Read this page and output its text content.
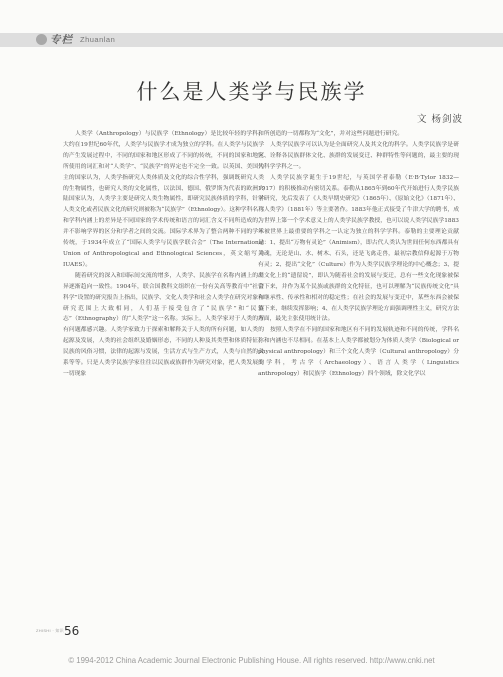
专栏 Zhuanlan
什么是人类学与民族学
文 杨剑波

人类学（Anthropology）与民族学（Ethnology）是比较年轻的学科，大约在19世纪60年代，人类学与民族学才成为独立的学科。在人类学与民族学的产生发展过程中，不同的国家和地区形成了不同的传统，不同的国家和地区所使用的词汇和对“人类学”、“民族学”的界定也不完全一致。以英国、美国为主的国家认为，人类学指研究人类体质及文化的综合性学科，强调既研究人类的生物属性，也研究人类的文化属性，以法国、德国、俄罗斯为代表的欧洲大陆国家认为，人类学主要是研究人类生物属性，即研究民族体质的学科，针对人类文化或者民族文化的研究则被称为“民族学”（Ethnology）。这种学科名称和学科内涵上的差异是不同国家的学术传统和语言的词汇含义不同所造成的，并不影响学界的区分和学者之间的交流。国际学术界为了整合两种不同的学术传统，于1934年成立了“国际人类学与民族学联合会”（The International Union of Anthropological and Ethnological Sciences，英文缩写为IUAES）。

随着研究的深入和国际间交流的增多，人类学、民族学在名称内涵上的差异逐渐趋向一致性。1904年，联合国教科文组织在一份有关高等教育中“社会科学”设置的研究报告上指出，民族学、文化人类学和社会人类学在研究对象和研究范围上大致相同，人们基于接受包含了“民族学”和“民族志”（Ethnography）的“人类学”这一名称。实际上，人类学家对于人类的所有问题都感兴趣。人类学家致力于探索和解释关于人类的所有问题，如人类的起源及发展，人类的社会组织及婚姻形态，不同的人种及其类型和体质特征，民族的风俗习惯，法律的起源与发展，生活方式与生产方式，人类与自然的关系等等。只是人类学民族学家往往以民族或族群作为研究对象，把人类发展的一切现象

和所创造的一切都称为“文化”，并对这些问题进行研究。

人类学民族学可以认为是全面研究人及其文化的科学。人类学民族学是研究、诠释各民族群体文化、族群的发展变迁、种群特性等问题的，最主要的现代科学学科之一。

人类学民族学诞生于19世纪，与英国学者泰勒（E·B·Tylor 1832—1917）的积极推动有密切关系。泰勒从1865年到60年代开始进行人类学民族学研究，先后发表了《人类早期史研究》（1865年）、《原始文化》（1871年）、《人类学》（1881年）等主要著作。1883年他正式接受了牛津大学的聘书，成为世界上第一个学术意义上的人类学民族学教授，也可以说人类学民族学1883年被世界上最重要的学科之一认定为独立的科学学科。泰勒的主要理论贡献是：1、提出“万物有灵论”（Animism），即古代人类认为世间任何东西都具有灵魂，无论是山、水、树木、石头，还是飞禽走兽，最初宗教信仰起源于万物有灵；2、提出“文化”（Culture）作为人类学民族学理论的中心概念；3、提出文化上的“遗留说”，即认为随着社会的发展与变迁，总有一些文化现象被保留下来，并作为某个民族或族群的文化特征，也可以理解为“民族传统文化”具有继承性、传承性和相对的稳定性；在社会的发展与变迁中，某些东西会被保留下来，继续发挥影响；4、在人类学民族学理论方面强调理性主义，研究方法方面，最先主张使用统计法。

按照人类学在不同的国家和地区有不同的发展轨迹和不同的传统，学科名称和内涵也不尽相同。在基本上人类学都被划分为体质人类学（Biological or physical anthropology）和三个文化人类学（Cultural anthropology）分支学科，考古学（Archaeology）、语言人类学（Linguistics anthropology）和民族学（Ethnology）四个领域，除文化学以

ZHISHI · 知识 56
© 1994-2012 China Academic Journal Electronic Publishing House. All rights reserved. http://www.cnki.net
